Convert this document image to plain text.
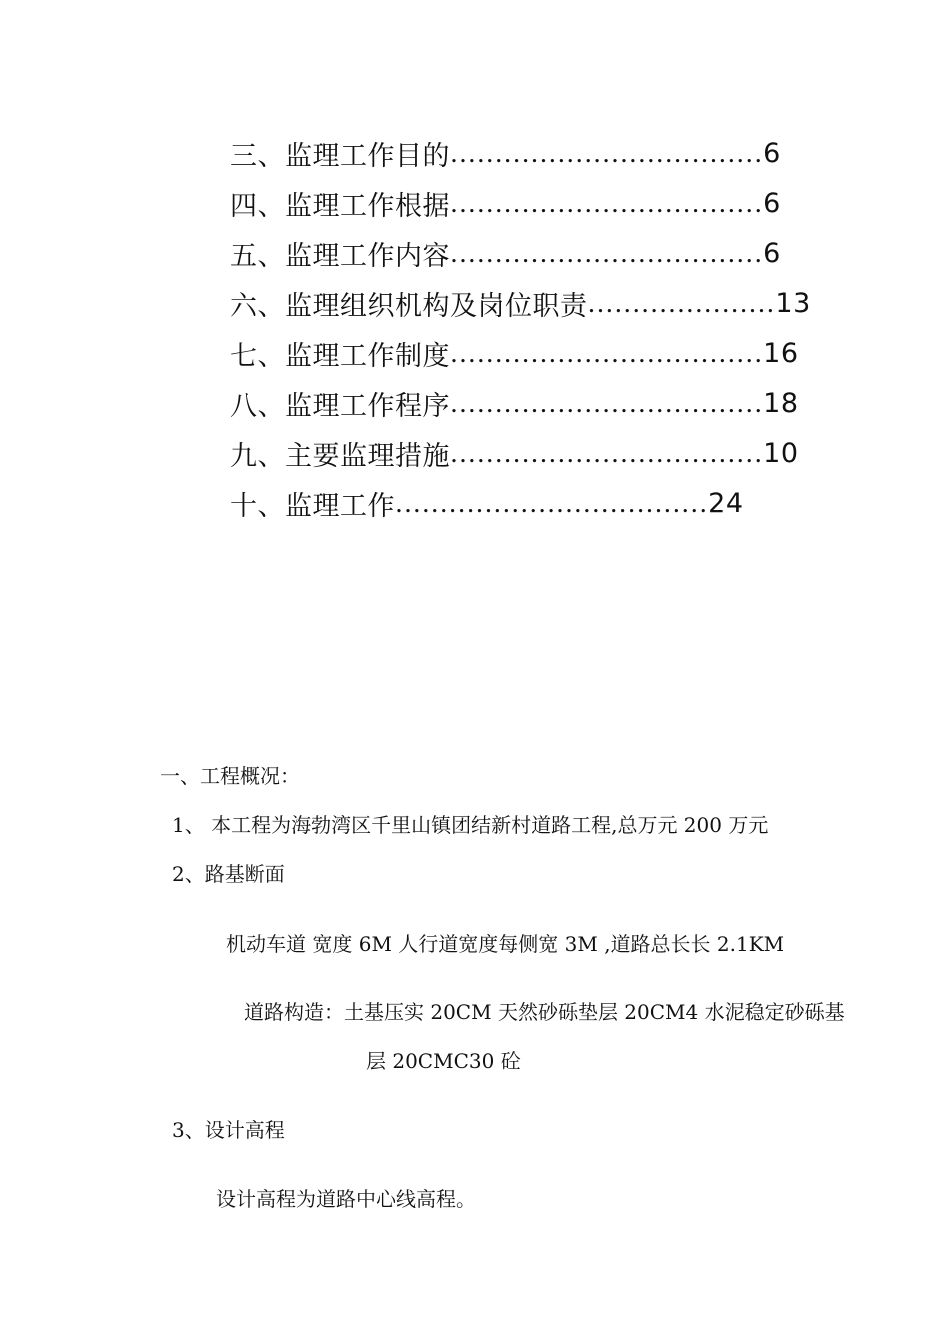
三、监理工作目的 ................................... 6
四、监理工作根据 ................................... 6
五、监理工作内容 ................................... 6
六、监理组织机构及岗位职责 ..................... 13
七、监理工作制度 ................................... 16
八、监理工作程序 ................................... 18
九、主要监理措施 ................................... 10
十、监理工作 ................................... 24
一、工程概况：
1、 本工程为海勃湾区千里山镇团结新村道路工程,总万元 200 万元
2、路基断面
机动车道 宽度 6M 人行道宽度每侧宽 3M ,道路总长长 2.1KM
道路构造：土基压实 20CM 天然砂砾垫层 20CM4 水泥稳定砂砾基
层 20CMC30 砼
3、设计高程
设计高程为道路中心线高程。
